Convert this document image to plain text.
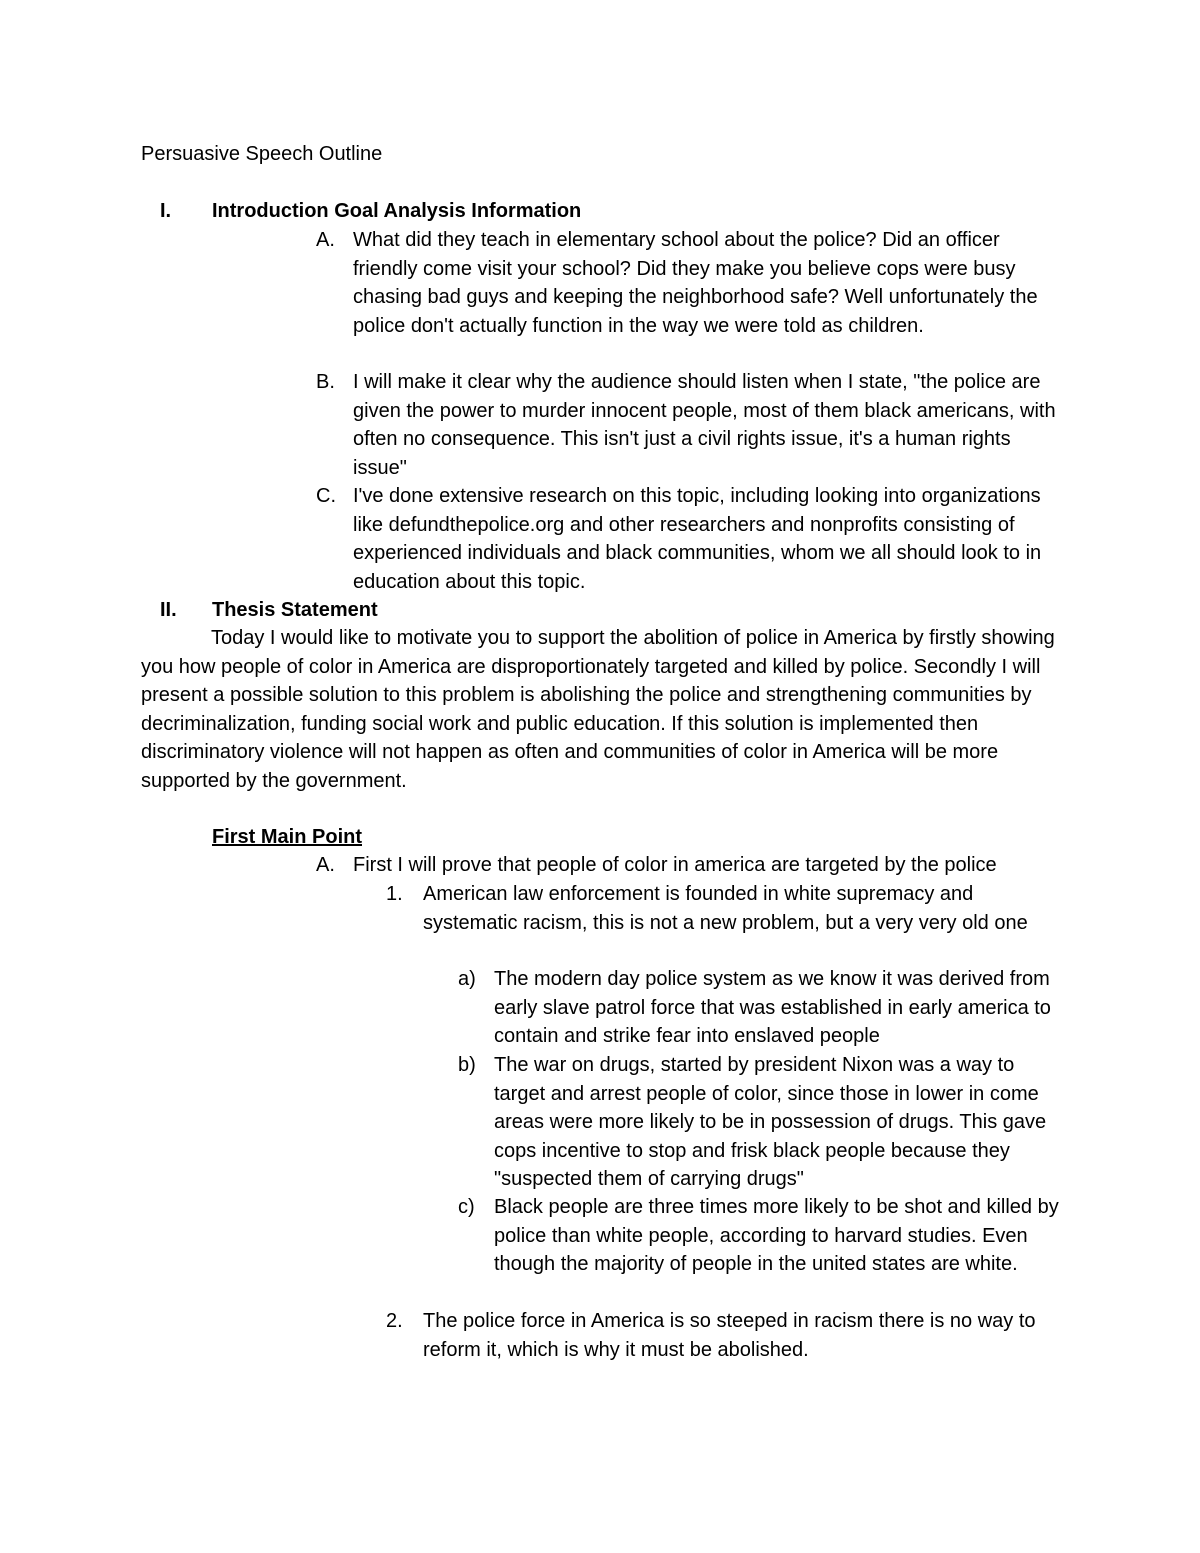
Persuasive Speech Outline
I. Introduction Goal Analysis Information
A. What did they teach in elementary school about the police? Did an officer friendly come visit your school? Did they make you believe cops were busy chasing bad guys and keeping the neighborhood safe? Well unfortunately the police don't actually function in the way we were told as children.
B. I will make it clear why the audience should listen when I state, "the police are given the power to murder innocent people, most of them black americans, with often no consequence. This isn't just a civil rights issue, it's a human rights issue"
C. I've done extensive research on this topic, including looking into organizations like defundthepolice.org and other researchers and nonprofits consisting of experienced individuals and black communities, whom we all should look to in education about this topic.
II. Thesis Statement
Today I would like to motivate you to support the abolition of police in America by firstly showing you how people of color in America are disproportionately targeted and killed by police. Secondly I will present a possible solution to this problem is abolishing the police and strengthening communities by decriminalization, funding social work and public education. If this solution is implemented then discriminatory violence will not happen as often and communities of color in America will be more supported by the government.
First Main Point
A. First I will prove that people of color in america are targeted by the police
1. American law enforcement is founded in white supremacy and systematic racism, this is not a new problem, but a very very old one
a) The modern day police system as we know it was derived from early slave patrol force that was established in early america to contain and strike fear into enslaved people
b) The war on drugs, started by president Nixon was a way to target and arrest people of color, since those in lower in come areas were more likely to be in possession of drugs. This gave cops incentive to stop and frisk black people because they "suspected them of carrying drugs"
c) Black people are three times more likely to be shot and killed by police than white people, according to harvard studies. Even though the majority of people in the united states are white.
2. The police force in America is so steeped in racism there is no way to reform it, which is why it must be abolished.
